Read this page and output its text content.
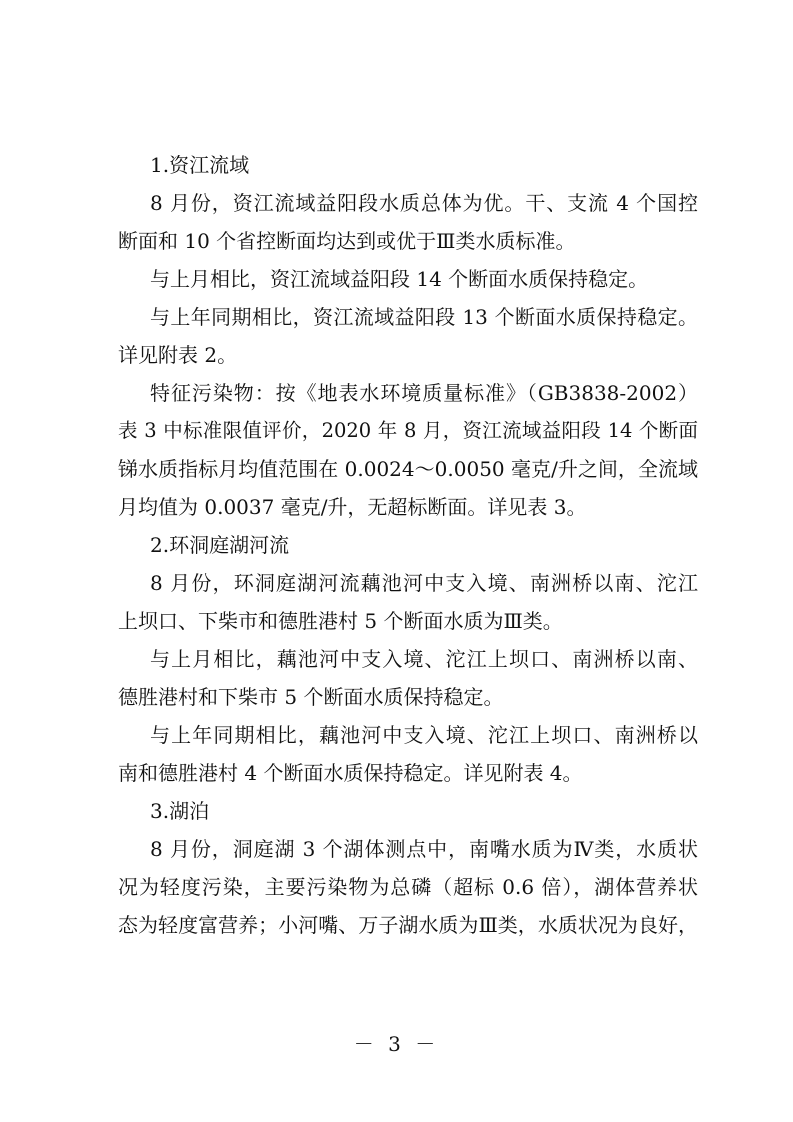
1.资江流域
8 月份，资江流域益阳段水质总体为优。干、支流 4 个国控
断面和 10 个省控断面均达到或优于Ⅲ类水质标准。
与上月相比，资江流域益阳段 14 个断面水质保持稳定。
与上年同期相比，资江流域益阳段 13 个断面水质保持稳定。
详见附表 2。
特征污染物：按《地表水环境质量标准》（GB3838-2002）
表 3 中标准限值评价，2020 年 8 月，资江流域益阳段 14 个断面
锑水质指标月均值范围在 0.0024～0.0050 毫克/升之间，全流域
月均值为 0.0037 毫克/升，无超标断面。详见表 3。
2.环洞庭湖河流
8 月份，环洞庭湖河流藕池河中支入境、南洲桥以南、沱江
上坝口、下柴市和德胜港村 5 个断面水质为Ⅲ类。
与上月相比，藕池河中支入境、沱江上坝口、南洲桥以南、
德胜港村和下柴市 5 个断面水质保持稳定。
与上年同期相比，藕池河中支入境、沱江上坝口、南洲桥以
南和德胜港村 4 个断面水质保持稳定。详见附表 4。
3.湖泊
8 月份，洞庭湖 3 个湖体测点中，南嘴水质为Ⅳ类，水质状
况为轻度污染，主要污染物为总磷（超标 0.6 倍），湖体营养状
态为轻度富营养；小河嘴、万子湖水质为Ⅲ类，水质状况为良好，
－ 3 －
